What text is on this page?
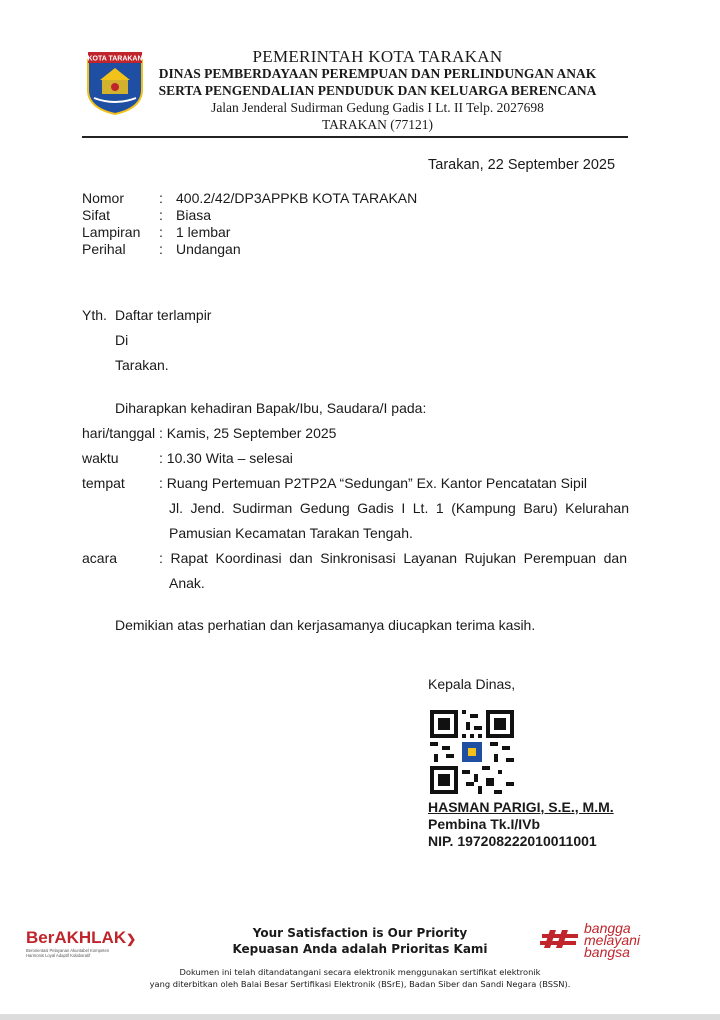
KOTA TARAKAN	PEMERINTAH KOTA TARAKAN
DINAS PEMBERDAYAAN PEREMPUAN DAN PERLINDUNGAN ANAK
SERTA PENGENDALIAN PENDUDUK DAN KELUARGA BERENCANA
Jalan Jenderal Sudirman Gedung Gadis I Lt. II Telp. 2027698
TARAKAN (77121)
Tarakan, 22 September 2025
Nomor : 400.2/42/DP3APPKB KOTA TARAKAN
Sifat	: Biasa
Lampiran : 1 lembar
Perihal : Undangan
Yth. Daftar terlampir
Di
Tarakan.
Diharapkan kehadiran Bapak/Ibu, Saudara/I pada:
hari/tanggal : Kamis, 25 September 2025
waktu	: 10.30 Wita – selesai
tempat : Ruang Pertemuan P2TP2A “Sedungan” Ex. Kantor Pencatatan Sipil
Jl. Jend. Sudirman Gedung Gadis I Lt. 1 (Kampung Baru) Kelurahan
Pamusian Kecamatan Tarakan Tengah.
acara	: Rapat Koordinasi dan Sinkronisasi Layanan Rujukan Perempuan dan
Anak.
Demikian atas perhatian dan kerjasamanya diucapkan terima kasih.
Kepala Dinas,
HASMAN PARIGI, S.E., M.M.
Pembina Tk.I/IVb
NIP. 197208222010011001
BerAKHLAK❯
Berorientasi Pelayanan Akuntabel Kompeten
Harmonis Loyal Adaptif Kolaboratif
Your Satisfaction is Our Priority
Kepuasan Anda adalah Prioritas Kami
bangga
melayani
bangsa
Dokumen ini telah ditandatangani secara elektronik menggunakan sertifikat elektronik
yang diterbitkan oleh Balai Besar Sertifikasi Elektronik (BSrE), Badan Siber dan Sandi Negara (BSSN).
